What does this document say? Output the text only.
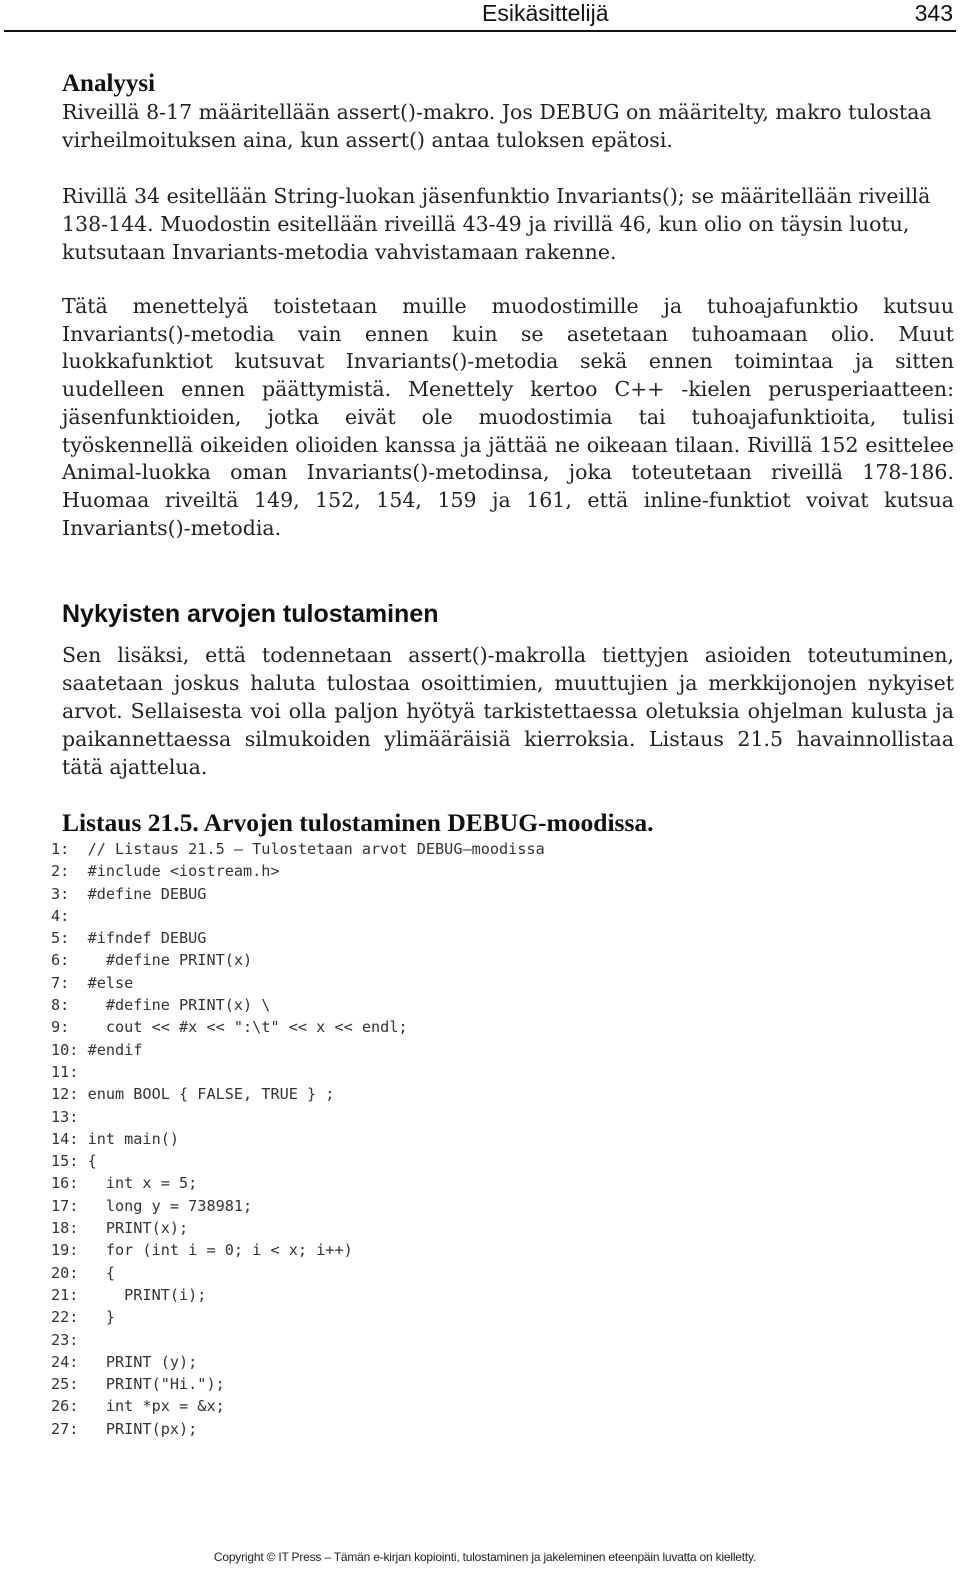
Esikäsittelijä	343
Analyysi
Riveillä 8-17 määritellään assert()-makro. Jos DEBUG on määritelty, makro tulostaa virheilmoituksen aina, kun assert() antaa tuloksen epätosi.
Rivillä 34 esitellään String-luokan jäsenfunktio Invariants(); se määritellään riveillä 138-144. Muodostin esitellään riveillä 43-49 ja rivillä 46, kun olio on täysin luotu, kutsutaan Invariants-metodia vahvistamaan rakenne.
Tätä menettelyä toistetaan muille muodostimille ja tuhoajafunktio kutsuu Invariants()-metodia vain ennen kuin se asetetaan tuhoamaan olio. Muut luokkafunktiot kutsuvat Invariants()-metodia sekä ennen toimintaa ja sitten uudelleen ennen päättymistä. Menettely kertoo C++ -kielen perusperiaatteen: jäsenfunktioiden, jotka eivät ole muodostimia tai tuhoajafunktioita, tulisi työskennellä oikeiden olioiden kanssa ja jättää ne oikeaan tilaan. Rivillä 152 esittelee Animal-luokka oman Invariants()-metodinsa, joka toteutetaan riveillä 178-186. Huomaa riveiltä 149, 152, 154, 159 ja 161, että inline-funktiot voivat kutsua Invariants()-metodia.
Nykyisten arvojen tulostaminen
Sen lisäksi, että todennetaan assert()-makrolla tiettyjen asioiden toteutuminen, saatetaan joskus haluta tulostaa osoittimien, muuttujien ja merkkijonojen nykyiset arvot. Sellaisesta voi olla paljon hyötyä tarkistettaessa oletuksia ohjelman kulusta ja paikannettaessa silmukoiden ylimääräisiä kierroksia. Listaus 21.5 havainnollistaa tätä ajattelua.
Listaus 21.5. Arvojen tulostaminen DEBUG-moodissa.
1:  // Listaus 21.5 – Tulostetaan arvot DEBUG–moodissa
2:  #include <iostream.h>
3:  #define DEBUG
4:
5:  #ifndef DEBUG
6:    #define PRINT(x)
7:  #else
8:    #define PRINT(x) \
9:    cout << #x << ":\t" << x << endl;
10: #endif
11:
12: enum BOOL { FALSE, TRUE } ;
13:
14: int main()
15: {
16:   int x = 5;
17:   long y = 738981;
18:   PRINT(x);
19:   for (int i = 0; i < x; i++)
20:   {
21:     PRINT(i);
22:   }
23:
24:   PRINT (y);
25:   PRINT("Hi.");
26:   int *px = &x;
27:   PRINT(px);
Copyright © IT Press – Tämän e-kirjan kopiointi, tulostaminen ja jakeleminen eteenpäin luvatta on kielletty.
